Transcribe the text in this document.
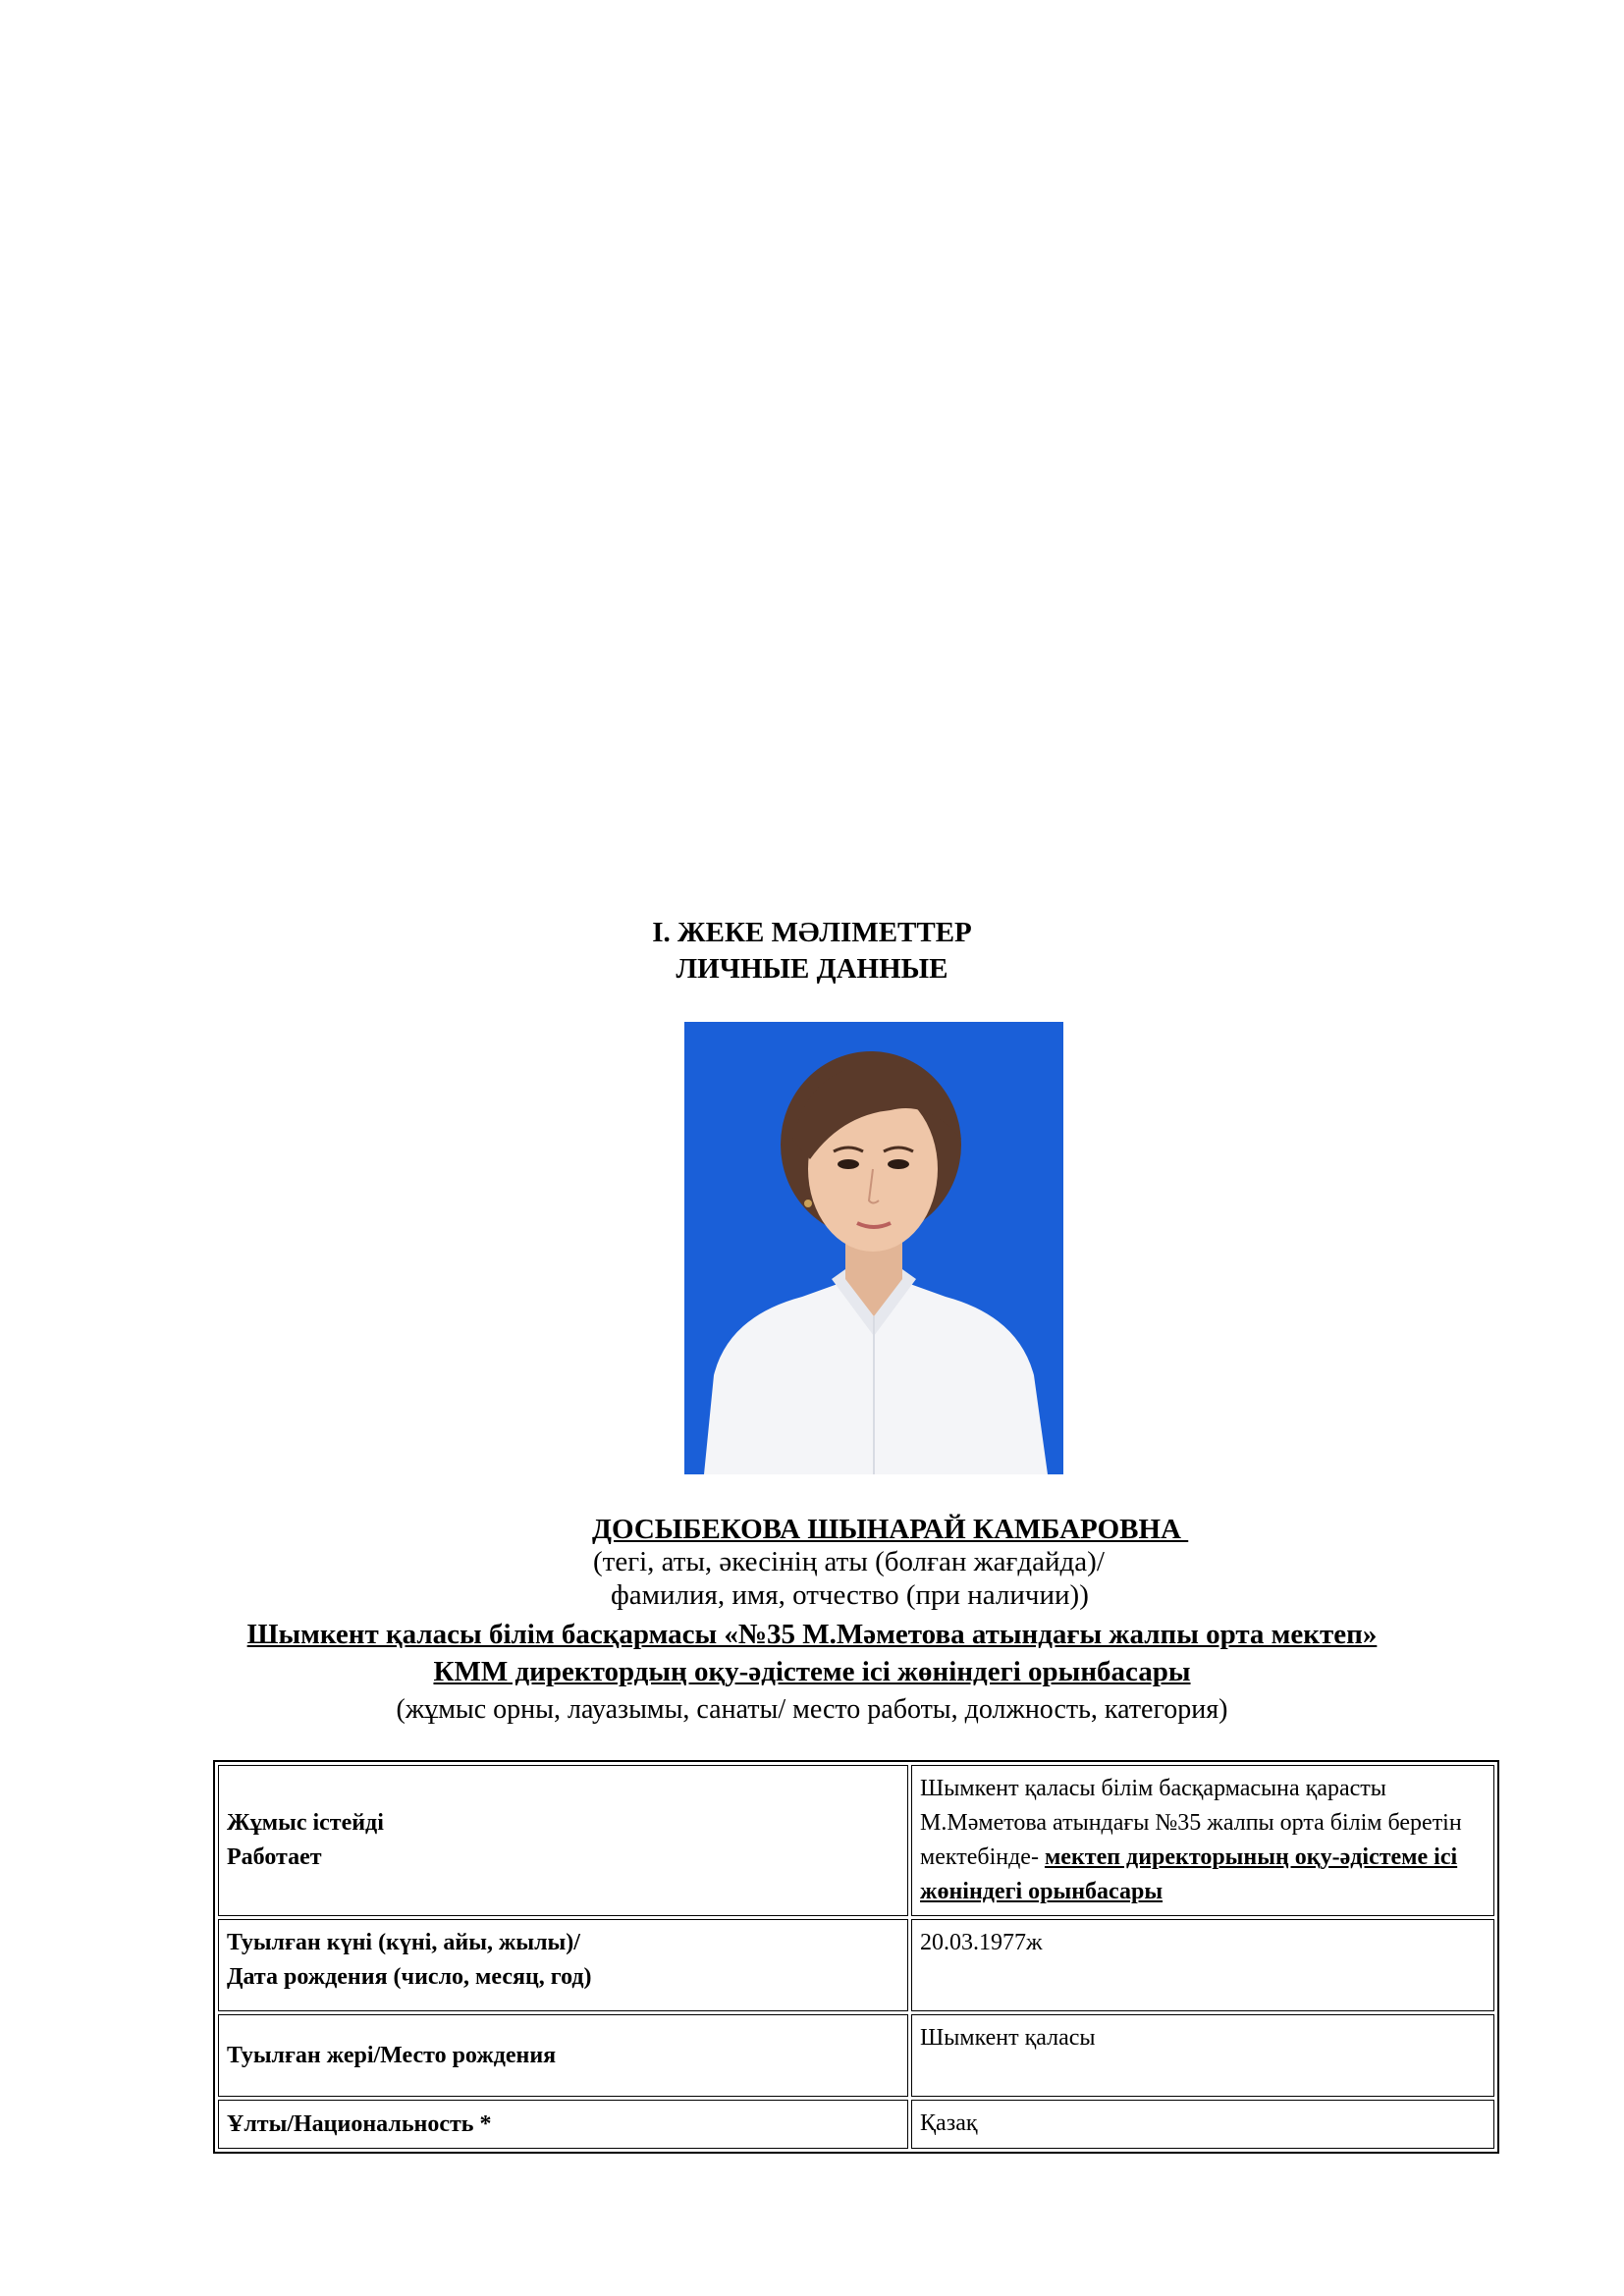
І. ЖЕКЕ МӘЛІМЕТТЕР
ЛИЧНЫЕ ДАННЫЕ
ДОСЫБЕКОВА ШЫНАРАЙ КАМБАРОВНА
(тегі, аты, әкесінің аты (болған жағдайда)/
фамилия, имя, отчество (при наличии))
Шымкент қаласы білім басқармасы «№35 М.Мәметова атындағы жалпы орта мектеп»
КММ директордың оқу-әдістеме ісі жөніндегі орынбасары
(жұмыс орны, лауазымы, санаты/ место работы, должность, категория)
Жұмыс істейді
Работает	Шымкент қаласы білім басқармасына қарасты М.Мәметова атындағы №35 жалпы орта білім беретін мектебінде- мектеп директорының оқу-әдістеме ісі жөніндегі орынбасары

Туылған күні (күні, айы, жылы)/
Дата рождения (число, месяц, год)	20.03.1977ж
Туылған жері/Место рождения	Шымкент қаласы
Ұлты/Национальность *	Қазақ
